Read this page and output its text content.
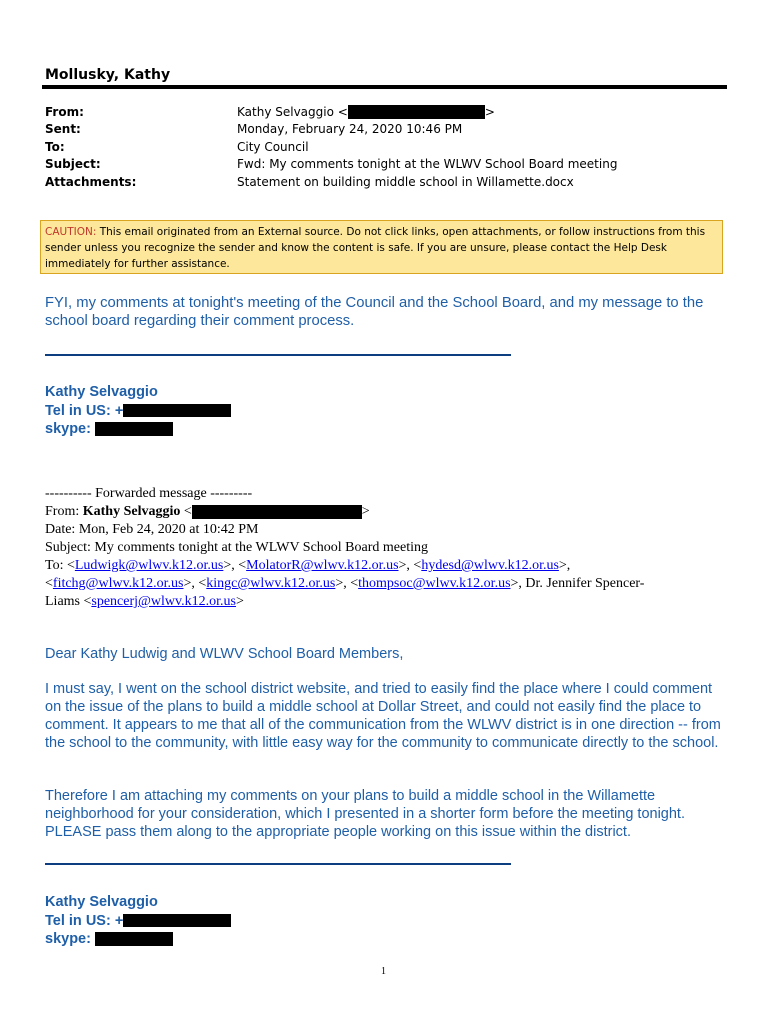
Mollusky, Kathy
From:	Kathy Selvaggio <	>
Sent:	Monday, February 24, 2020 10:46 PM
To:	City Council
Subject:	Fwd: My comments tonight at the WLWV School Board meeting
Attachments:	Statement on building middle school in Willamette.docx
CAUTION: This email originated from an External source. Do not click links, open attachments, or follow instructions from this sender unless you recognize the sender and know the content is safe. If you are unsure, please contact the Help Desk immediately for further assistance.
FYI, my comments at tonight's meeting of the Council and the School Board, and my message to the school board regarding their comment process.
Kathy Selvaggio
Tel in US: +
skype:
---------- Forwarded message ---------
From: Kathy Selvaggio <	>
Date: Mon, Feb 24, 2020 at 10:42 PM
Subject: My comments tonight at the WLWV School Board meeting
To: <Ludwigk@wlwv.k12.or.us>, <MolatorR@wlwv.k12.or.us>, <hydesd@wlwv.k12.or.us>,
<fitchg@wlwv.k12.or.us>, <kingc@wlwv.k12.or.us>, <thompsoc@wlwv.k12.or.us>, Dr. Jennifer Spencer-
Liams <spencerj@wlwv.k12.or.us>
Dear Kathy Ludwig and WLWV School Board Members,
I must say, I went on the school district website, and tried to easily find the place where I could comment on the issue of the plans to build a middle school at Dollar Street, and could not easily find the place to comment. It appears to me that all of the communication from the WLWV district is in one direction -- from the school to the community, with little easy way for the community to communicate directly to the school.
Therefore I am attaching my comments on your plans to build a middle school in the Willamette neighborhood for your consideration, which I presented in a shorter form before the meeting tonight. PLEASE pass them along to the appropriate people working on this issue within the district.
Kathy Selvaggio
Tel in US: +
skype:
1
